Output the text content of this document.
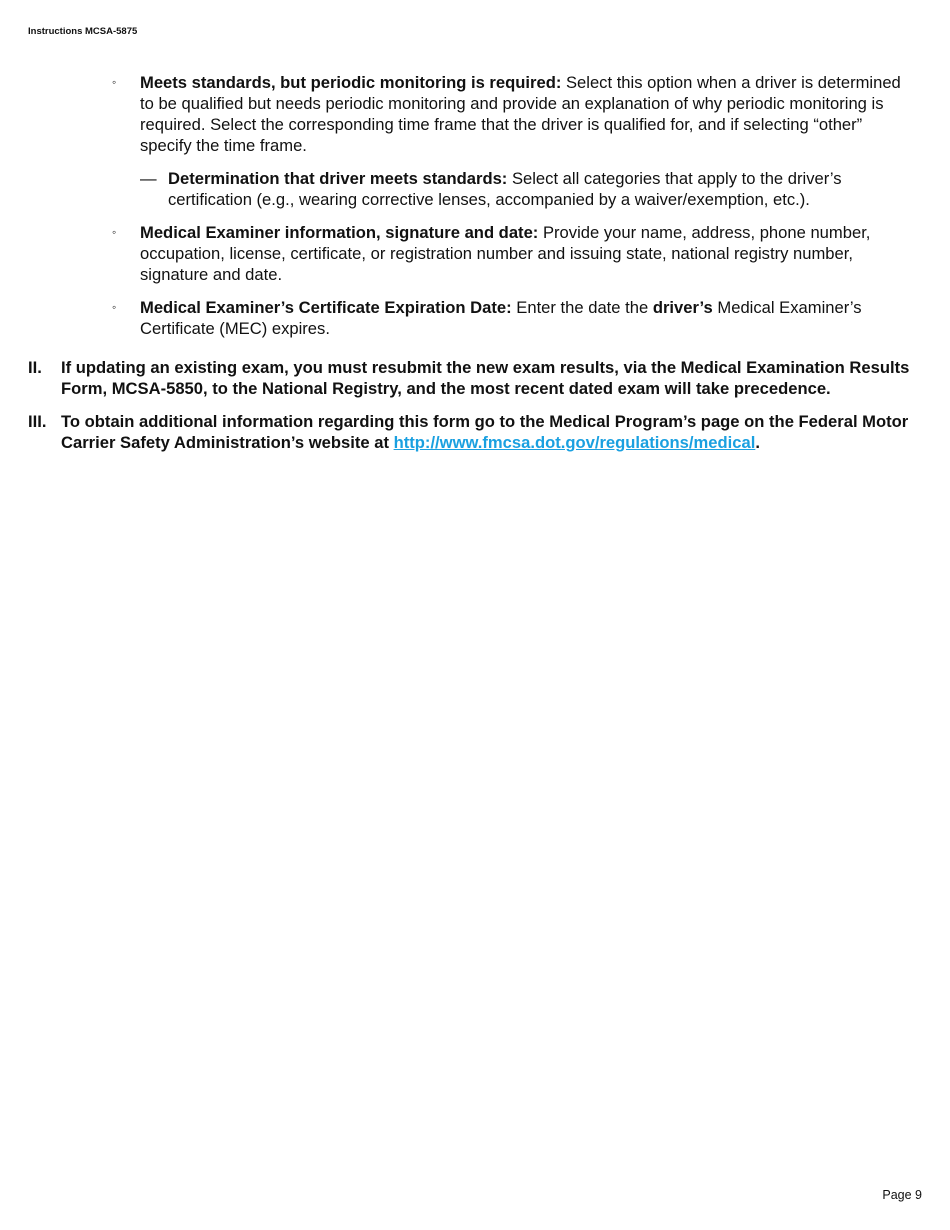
Instructions MCSA-5875
◦ Meets standards, but periodic monitoring is required: Select this option when a driver is determined to be qualified but needs periodic monitoring and provide an explanation of why periodic monitoring is required. Select the corresponding time frame that the driver is qualified for, and if selecting “other” specify the time frame.
— Determination that driver meets standards: Select all categories that apply to the driver’s certification (e.g., wearing corrective lenses, accompanied by a waiver/exemption, etc.).
◦ Medical Examiner information, signature and date: Provide your name, address, phone number, occupation, license, certificate, or registration number and issuing state, national registry number, signature and date.
◦ Medical Examiner’s Certificate Expiration Date: Enter the date the driver’s Medical Examiner’s Certificate (MEC) expires.
II. If updating an existing exam, you must resubmit the new exam results, via the Medical Examination Results Form, MCSA-5850, to the National Registry, and the most recent dated exam will take precedence.
III. To obtain additional information regarding this form go to the Medical Program’s page on the Federal Motor Carrier Safety Administration’s website at http://www.fmcsa.dot.gov/regulations/medical.
Page 9
